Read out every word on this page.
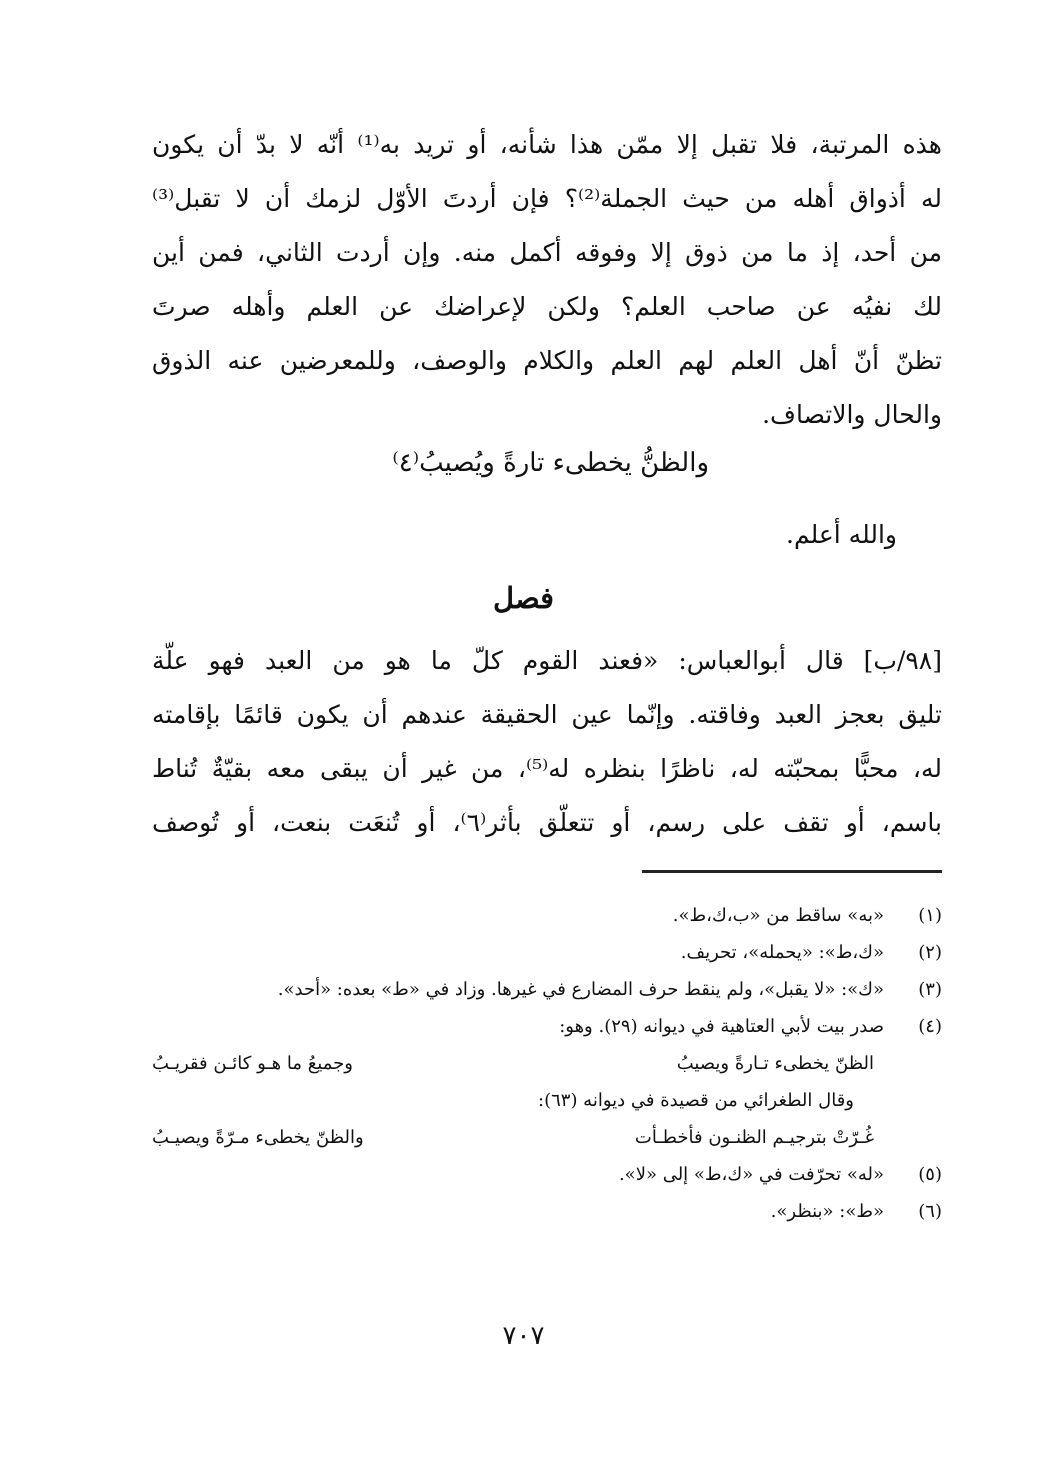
هذه المرتبة، فلا تقبل إلا ممّن هذا شأنه، أو تريد به⁽¹⁾ أنّه لا بدّ أن يكون
له أذواق أهله من حيث الجملة⁽²⁾؟ فإن أردتَ الأوّل لزمك أن لا تقبل⁽³⁾
من أحد، إذ ما من ذوق إلا وفوقه أكمل منه. وإن أردت الثاني، فمن أين
لك نفيُه عن صاحب العلم؟ ولكن لإعراضك عن العلم وأهله صرتَ
تظنّ أنّ أهل العلم لهم العلم والكلام والوصف، وللمعرضين عنه الذوق
والحال والاتصاف.
والظنُّ يخطىء تارةً ويُصيبُ⁽٤⁾
والله أعلم.
فصل
[٩٨/ب] قال أبوالعباس: «فعند القوم كلّ ما هو من العبد فهو علّة
تليق بعجز العبد وفاقته. وإنّما عين الحقيقة عندهم أن يكون قائمًا بإقامته
له، محبًّا بمحبّته له، ناظرًا بنظره له⁽⁵⁾، من غير أن يبقى معه بقيّةٌ تُناط
باسم، أو تقف على رسم، أو تتعلّق بأثر⁽٦⁾، أو تُنعَت بنعت، أو تُوصف
(١)
«به» ساقط من «ب،ك،ط».
(٢)
«ك،ط»: «يحمله»، تحريف.
(٣)
«ك»: «لا يقبل»، ولم ينقط حرف المضارع في غيرها. وزاد في «ط» بعده: «أحد».
(٤)
صدر بيت لأبي العتاهية في ديوانه (٢٩). وهو:
الظنّ يخطىء تـارةً ويصيبُ
وجميعُ ما هـو كائـن فقريـبُ
وقال الطغرائي من قصيدة في ديوانه (٦٣):
غُـرّتْ بترجيـم الظنـون فأخطـأت
والظنّ يخطىء مـرّةً ويصيـبُ
(٥)
«له» تحرّفت في «ك،ط» إلى «لا».
(٦)
«ط»: «بنظر».
٧٠٧
